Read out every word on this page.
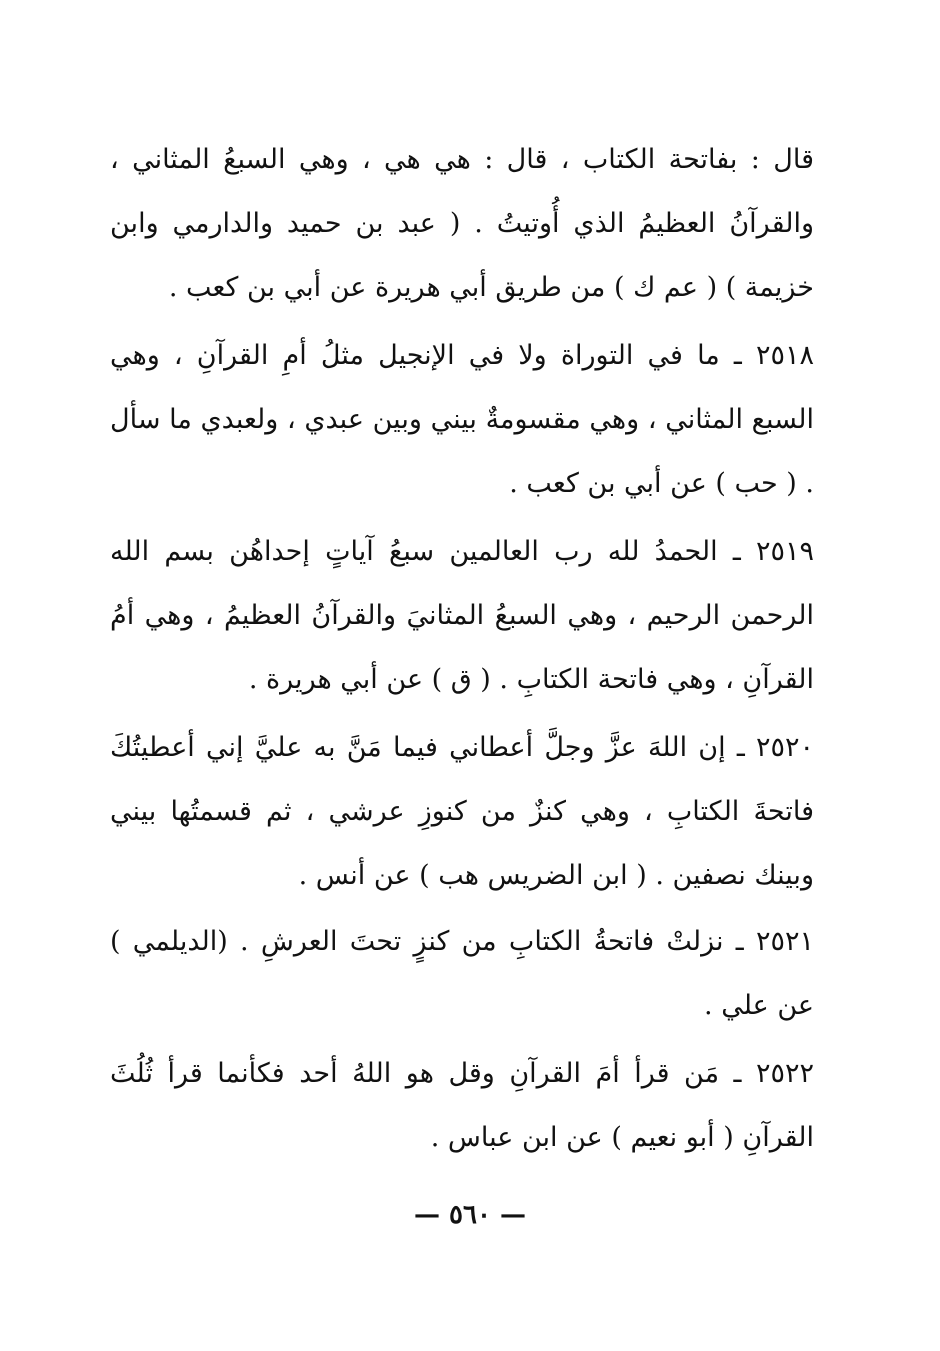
قال : بفاتحة الكتاب ، قال : هي هي ، وهي السبعُ المثاني ، والقرآنُ العظيمُ الذي أُوتيتُ . ( عبد بن حميد والدارمي وابن خزيمة ) ( عم ك ) من طريق أبي هريرة عن أبي بن كعب .

٢٥١٨ ـ ما في التوراة ولا في الإنجيل مثلُ أمِ القرآنِ ، وهي السبع المثاني ، وهي مقسومةٌ بيني وبين عبدي ، ولعبدي ما سأل . ( حب ) عن أبي بن كعب .

٢٥١٩ ـ الحمدُ لله رب العالمين سبعُ آياتٍ إحداهُن بسم الله الرحمن الرحيم ، وهي السبعُ المثانيَ والقرآنُ العظيمُ ، وهي أمُ القرآنِ ، وهي فاتحة الكتابِ . ( ق ) عن أبي هريرة .

٢٥٢٠ ـ إن اللهَ عزَّ وجلَّ أعطاني فيما مَنَّ به عليَّ إني أعطيتُكَ فاتحةَ الكتابِ ، وهي كنزٌ من كنوزِ عرشي ، ثم قسمتُها بيني وبينك نصفين . ( ابن الضريس هب ) عن أنس .

٢٥٢١ ـ نزلتْ فاتحةُ الكتابِ من كنزٍ تحتَ العرشِ . (الديلمي ) عن علي .

٢٥٢٢ ـ مَن قرأ أمَ القرآنِ وقل هو اللهُ أحد فكأنما قرأ ثُلُثَ القرآنِ ( أبو نعيم ) عن ابن عباس .

— ٥٦٠ —
